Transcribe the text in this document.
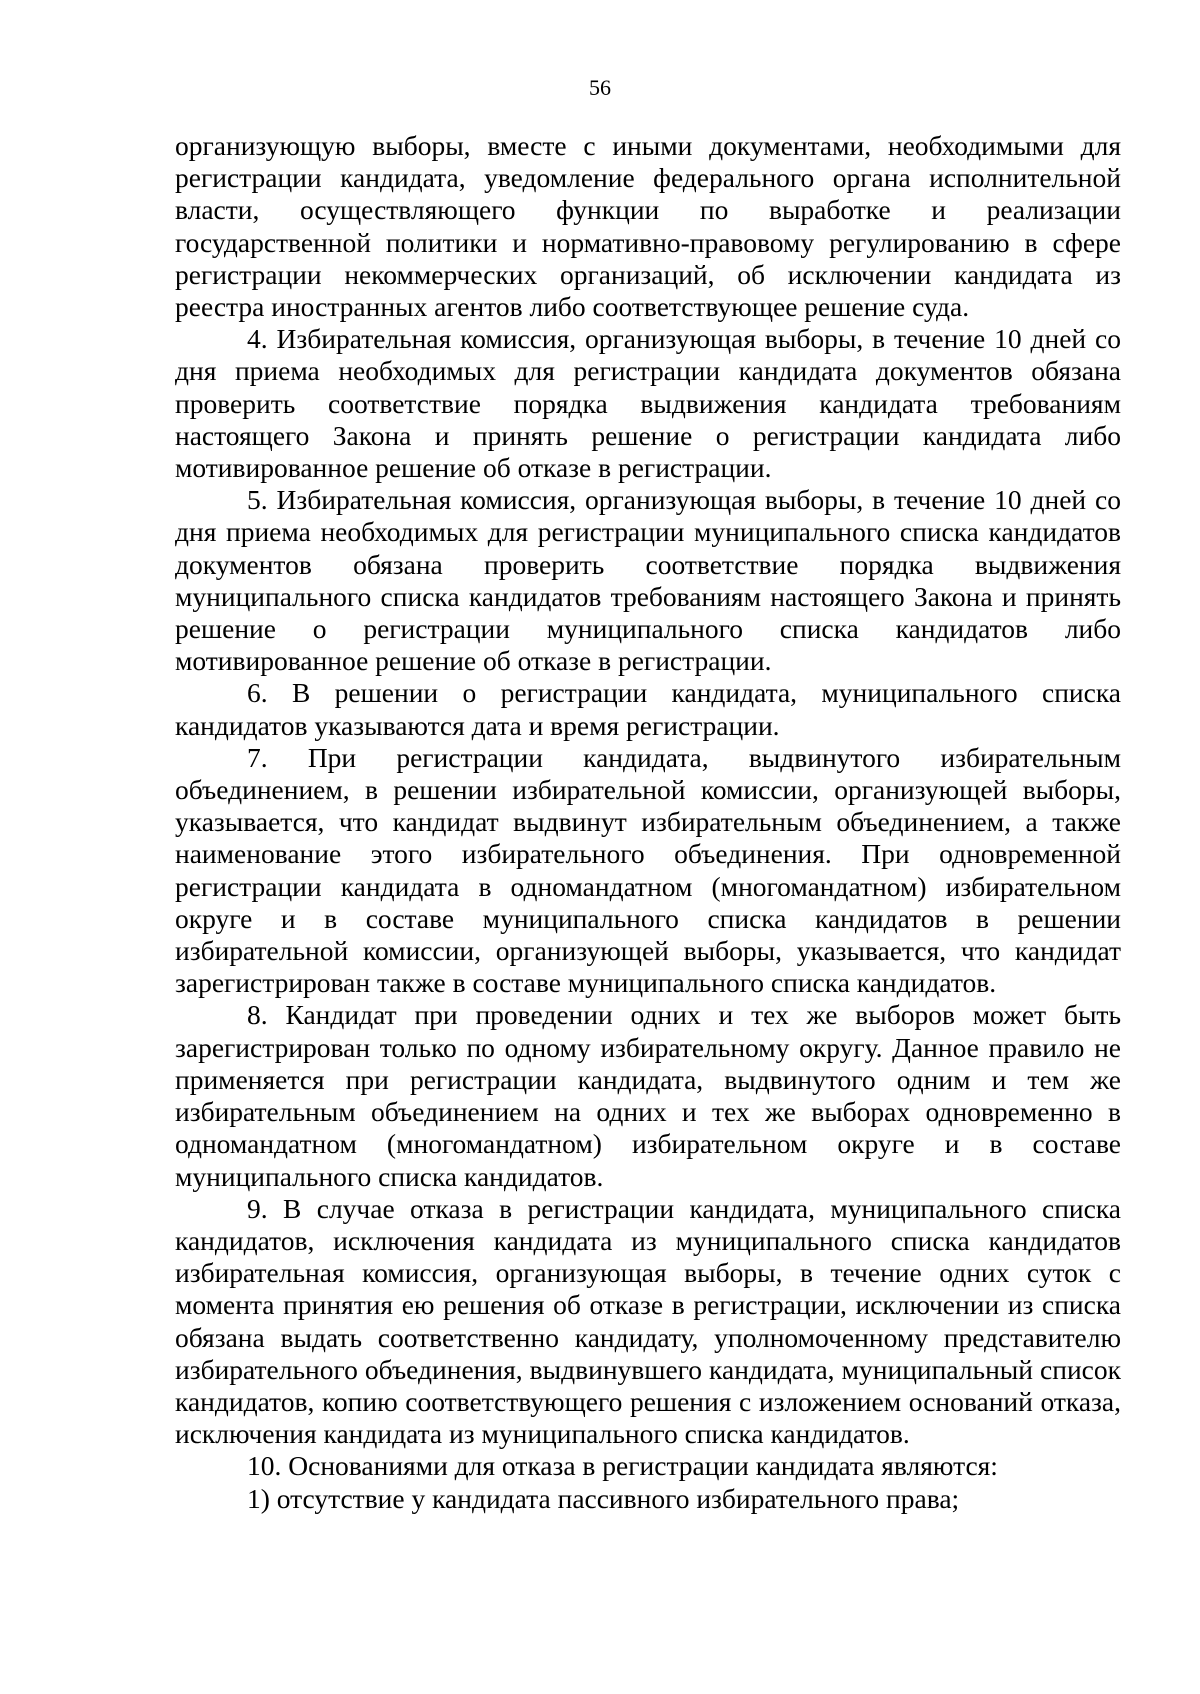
56

организующую выборы, вместе с иными документами, необходимыми для регистрации кандидата, уведомление федерального органа исполнительной власти, осуществляющего функции по выработке и реализации государственной политики и нормативно-правовому регулированию в сфере регистрации некоммерческих организаций, об исключении кандидата из реестра иностранных агентов либо соответствующее решение суда.

4. Избирательная комиссия, организующая выборы, в течение 10 дней со дня приема необходимых для регистрации кандидата документов обязана проверить соответствие порядка выдвижения кандидата требованиям настоящего Закона и принять решение о регистрации кандидата либо мотивированное решение об отказе в регистрации.

5. Избирательная комиссия, организующая выборы, в течение 10 дней со дня приема необходимых для регистрации муниципального списка кандидатов документов обязана проверить соответствие порядка выдвижения муниципального списка кандидатов требованиям настоящего Закона и принять решение о регистрации муниципального списка кандидатов либо мотивированное решение об отказе в регистрации.

6. В решении о регистрации кандидата, муниципального списка кандидатов указываются дата и время регистрации.

7. При регистрации кандидата, выдвинутого избирательным объединением, в решении избирательной комиссии, организующей выборы, указывается, что кандидат выдвинут избирательным объединением, а также наименование этого избирательного объединения. При одновременной регистрации кандидата в одномандатном (многомандатном) избирательном округе и в составе муниципального списка кандидатов в решении избирательной комиссии, организующей выборы, указывается, что кандидат зарегистрирован также в составе муниципального списка кандидатов.

8. Кандидат при проведении одних и тех же выборов может быть зарегистрирован только по одному избирательному округу. Данное правило не применяется при регистрации кандидата, выдвинутого одним и тем же избирательным объединением на одних и тех же выборах одновременно в одномандатном (многомандатном) избирательном округе и в составе муниципального списка кандидатов.

9. В случае отказа в регистрации кандидата, муниципального списка кандидатов, исключения кандидата из муниципального списка кандидатов избирательная комиссия, организующая выборы, в течение одних суток с момента принятия ею решения об отказе в регистрации, исключении из списка обязана выдать соответственно кандидату, уполномоченному представителю избирательного объединения, выдвинувшего кандидата, муниципальный список кандидатов, копию соответствующего решения с изложением оснований отказа, исключения кандидата из муниципального списка кандидатов.

10. Основаниями для отказа в регистрации кандидата являются:

1) отсутствие у кандидата пассивного избирательного права;
